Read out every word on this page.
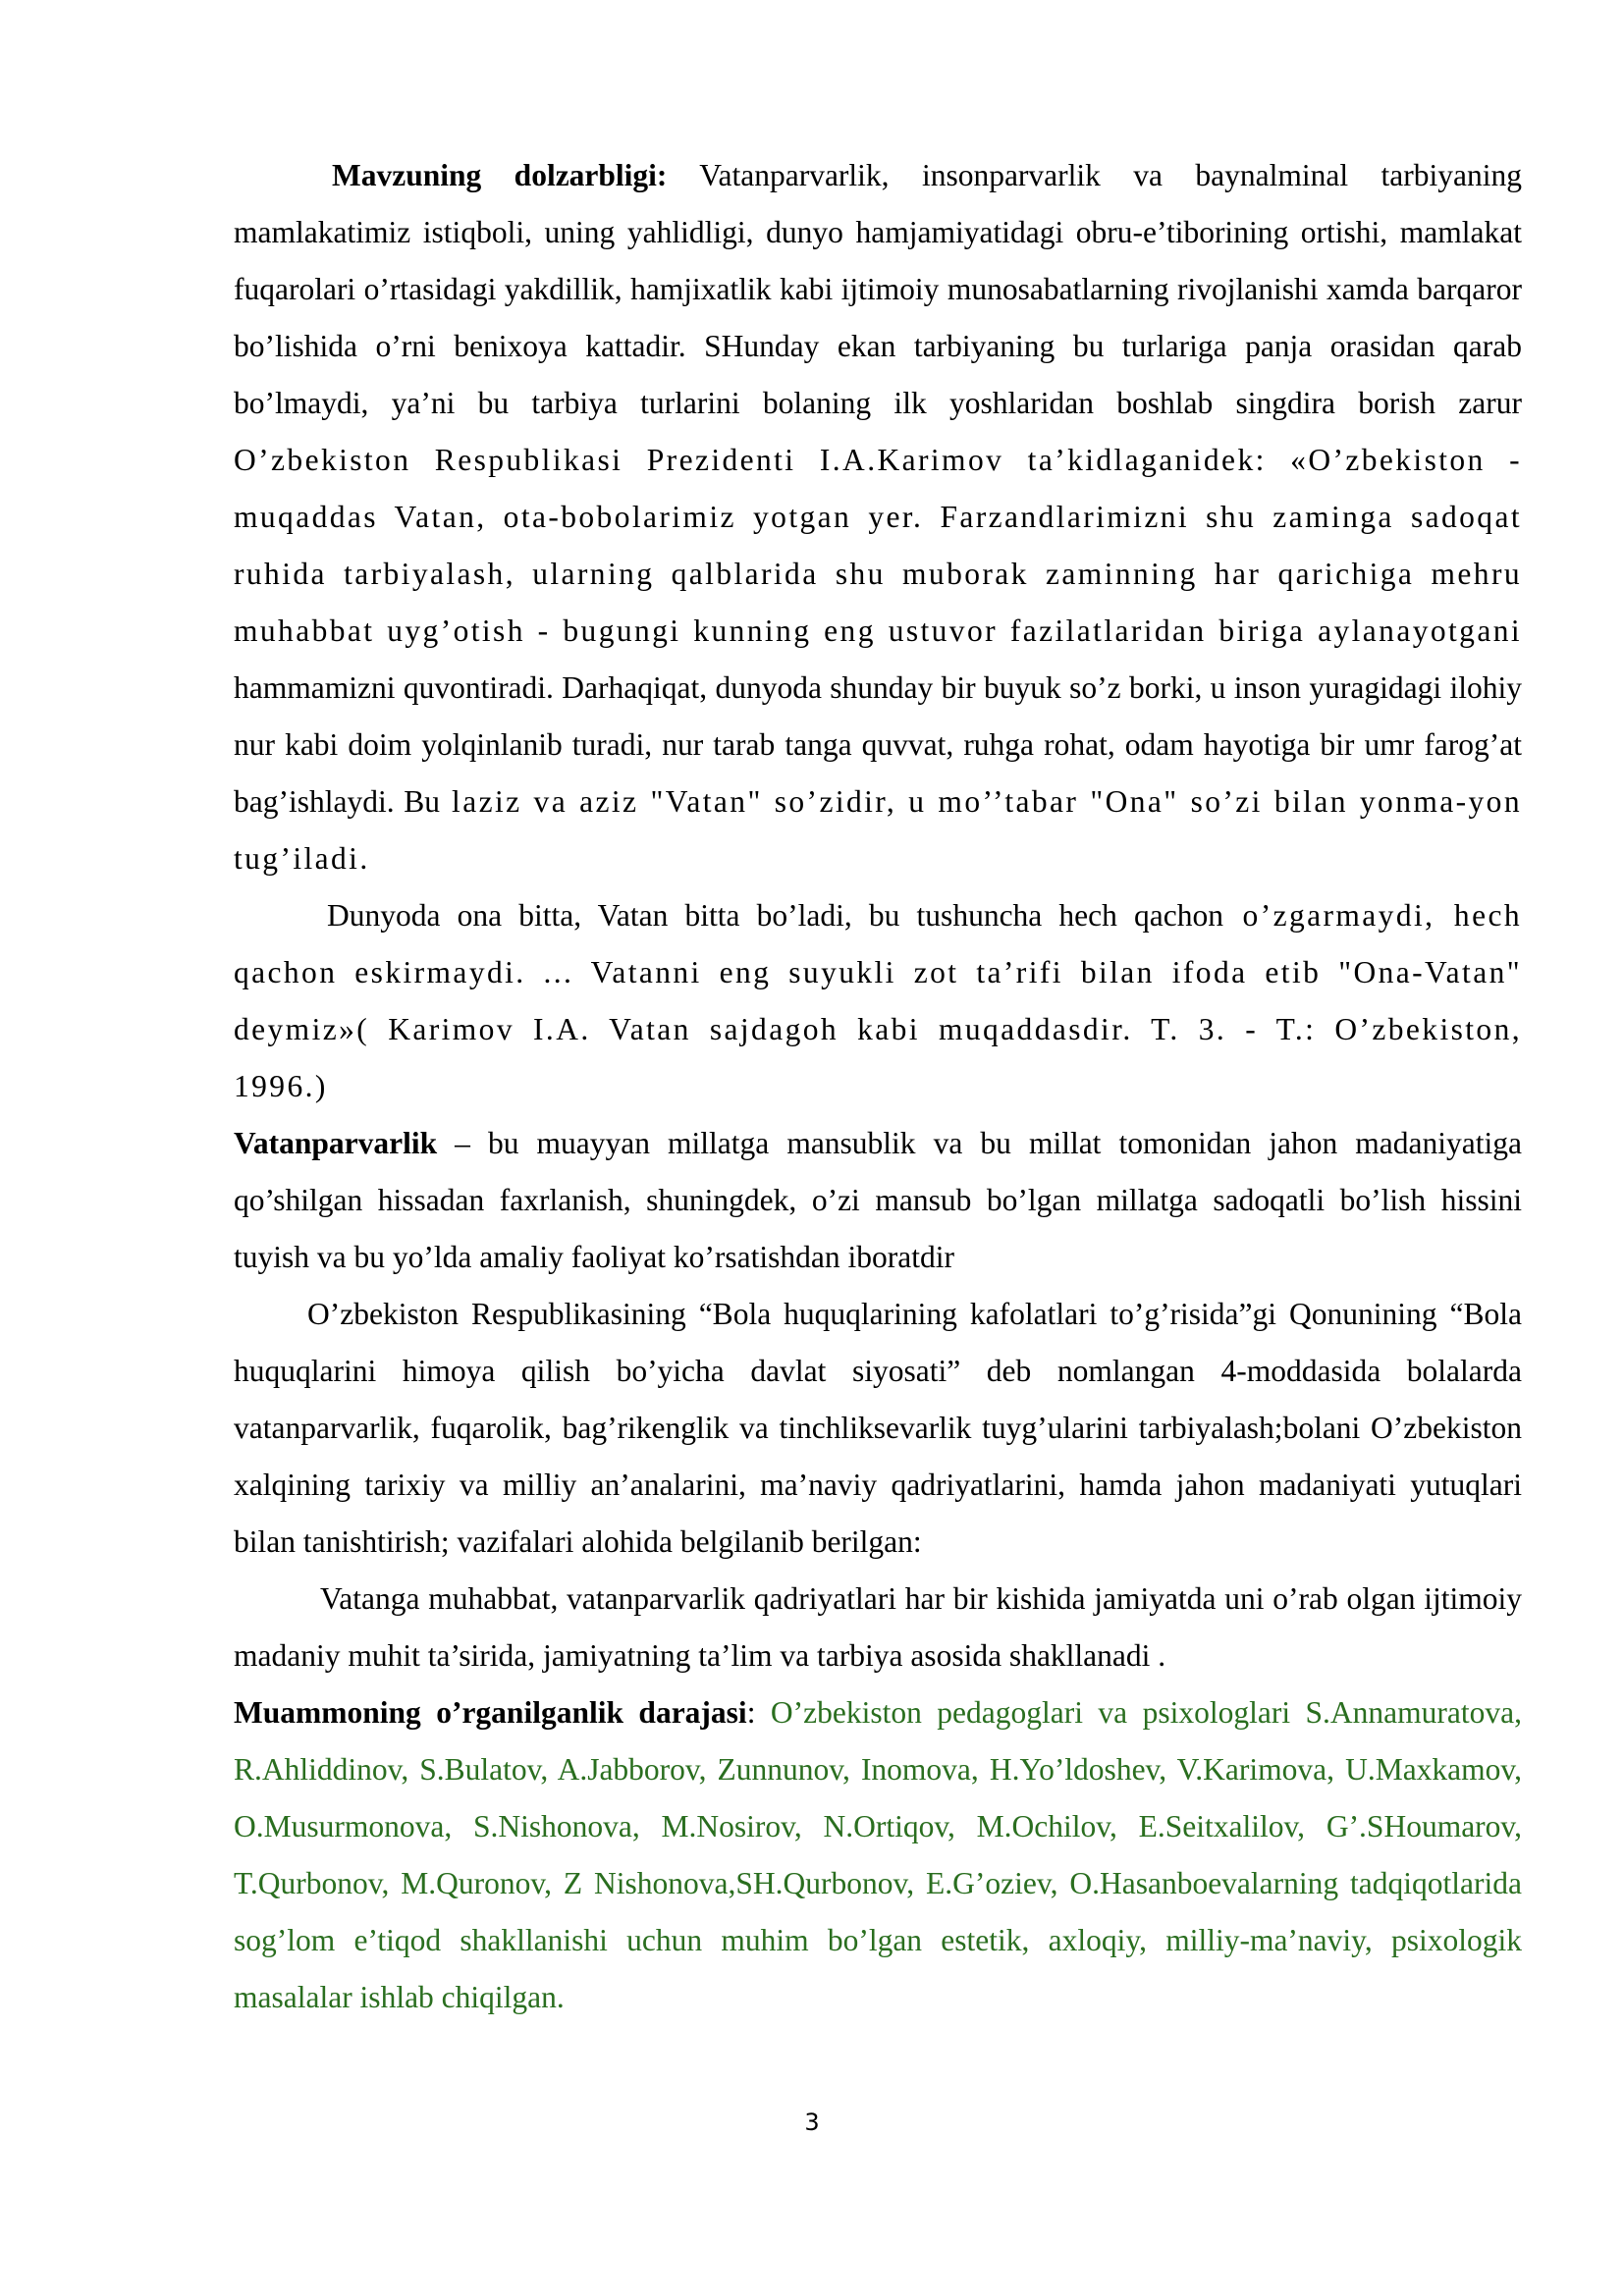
Mavzuning dolzarbligi: Vatanparvarlik, insonparvarlik va baynalminal tarbiyaning mamlakatimiz istiqboli, uning yahlidligi, dunyo hamjamiyatidagi obru-e’tiborining ortishi, mamlakat fuqarolari o’rtasidagi yakdillik, hamjixatlik kabi ijtimoiy munosabatlarning rivojlanishi xamda barqaror bo’lishida o’rni benixoya kattadir. SHunday ekan tarbiyaning bu turlariga panja orasidan qarab bo’lmaydi, ya’ni bu tarbiya turlarini bolaning ilk yoshlaridan boshlab singdira borish zarur O’zbekiston Respublikasi Prezidenti I.A.Karimov ta’kidlaganidek: «O’zbekiston - muqaddas Vatan, ota-bobolarimiz yotgan yer. Farzandlarimizni shu zaminga sadoqat ruhida tarbiyalash, ularning qalblarida shu muborak zaminning har qarichiga mehru muhabbat uyg’otish - bugungi kunning eng ustuvor fazilatlaridan biriga aylanayotgani hammamizni quvontiradi. Darhaqiqat, dunyoda shunday bir buyuk so’z borki, u inson yuragidagi ilohiy nur kabi doim yolqinlanib turadi, nur tarab tanga quvvat, ruhga rohat, odam hayotiga bir umr farog’at bag’ishlaydi. Bu laziz va aziz "Vatan" so’zidir, u mo’’tabar "Ona" so’zi bilan yonma-yon tug’iladi.

Dunyoda ona bitta, Vatan bitta bo’ladi, bu tushuncha hech qachon o’zgarmaydi, hech qachon eskirmaydi. ... Vatanni eng suyukli zot ta’rifi bilan ifoda etib "Ona-Vatan" deymiz»( Karimov I.A. Vatan sajdagoh kabi muqaddasdir. T. 3. - T.: O’zbekiston, 1996.)

Vatanparvarlik – bu muayyan millatga mansublik va bu millat tomonidan jahon madaniyatiga qo’shilgan hissadan faxrlanish, shuningdek, o’zi mansub bo’lgan millatga sadoqatli bo’lish hissini tuyish va bu yo’lda amaliy faoliyat ko’rsatishdan iboratdir

O’zbekiston Respublikasining “Bola huquqlarining kafolatlari to’g’risida”gi Qonunining “Bola huquqlarini himoya qilish bo’yicha davlat siyosati” deb nomlangan 4-moddasida bolalarda vatanparvarlik, fuqarolik, bag’rikenglik va tinchliksevarlik tuyg’ularini tarbiyalash;bolani O’zbekiston xalqining tarixiy va milliy an’analarini, ma’naviy qadriyatlarini, hamda jahon madaniyati yutuqlari bilan tanishtirish; vazifalari alohida belgilanib berilgan:

Vatanga muhabbat, vatanparvarlik qadriyatlari har bir kishida jamiyatda uni o’rab olgan ijtimoiy madaniy muhit ta’sirida, jamiyatning ta’lim va tarbiya asosida shakllanadi .

Muammoning o’rganilganlik darajasi: O’zbekiston pedagoglari va psixologlari S.Annamuratova, R.Ahliddinov, S.Bulatov, A.Jabborov, Zunnunov, Inomova, H.Yo’ldoshev, V.Karimova, U.Maxkamov, O.Musurmonova, S.Nishonova, M.Nosirov, N.Ortiqov, M.Ochilov, E.Seitxalilov, G’.SHoumarov, T.Qurbonov, M.Quronov, Z Nishonova,SH.Qurbonov, E.G’oziev, O.Hasanboevalarning tadqiqotlarida sog’lom e’tiqod shakllanishi uchun muhim bo’lgan estetik, axloqiy, milliy-ma’naviy, psixologik masalalar ishlab chiqilgan.

3
